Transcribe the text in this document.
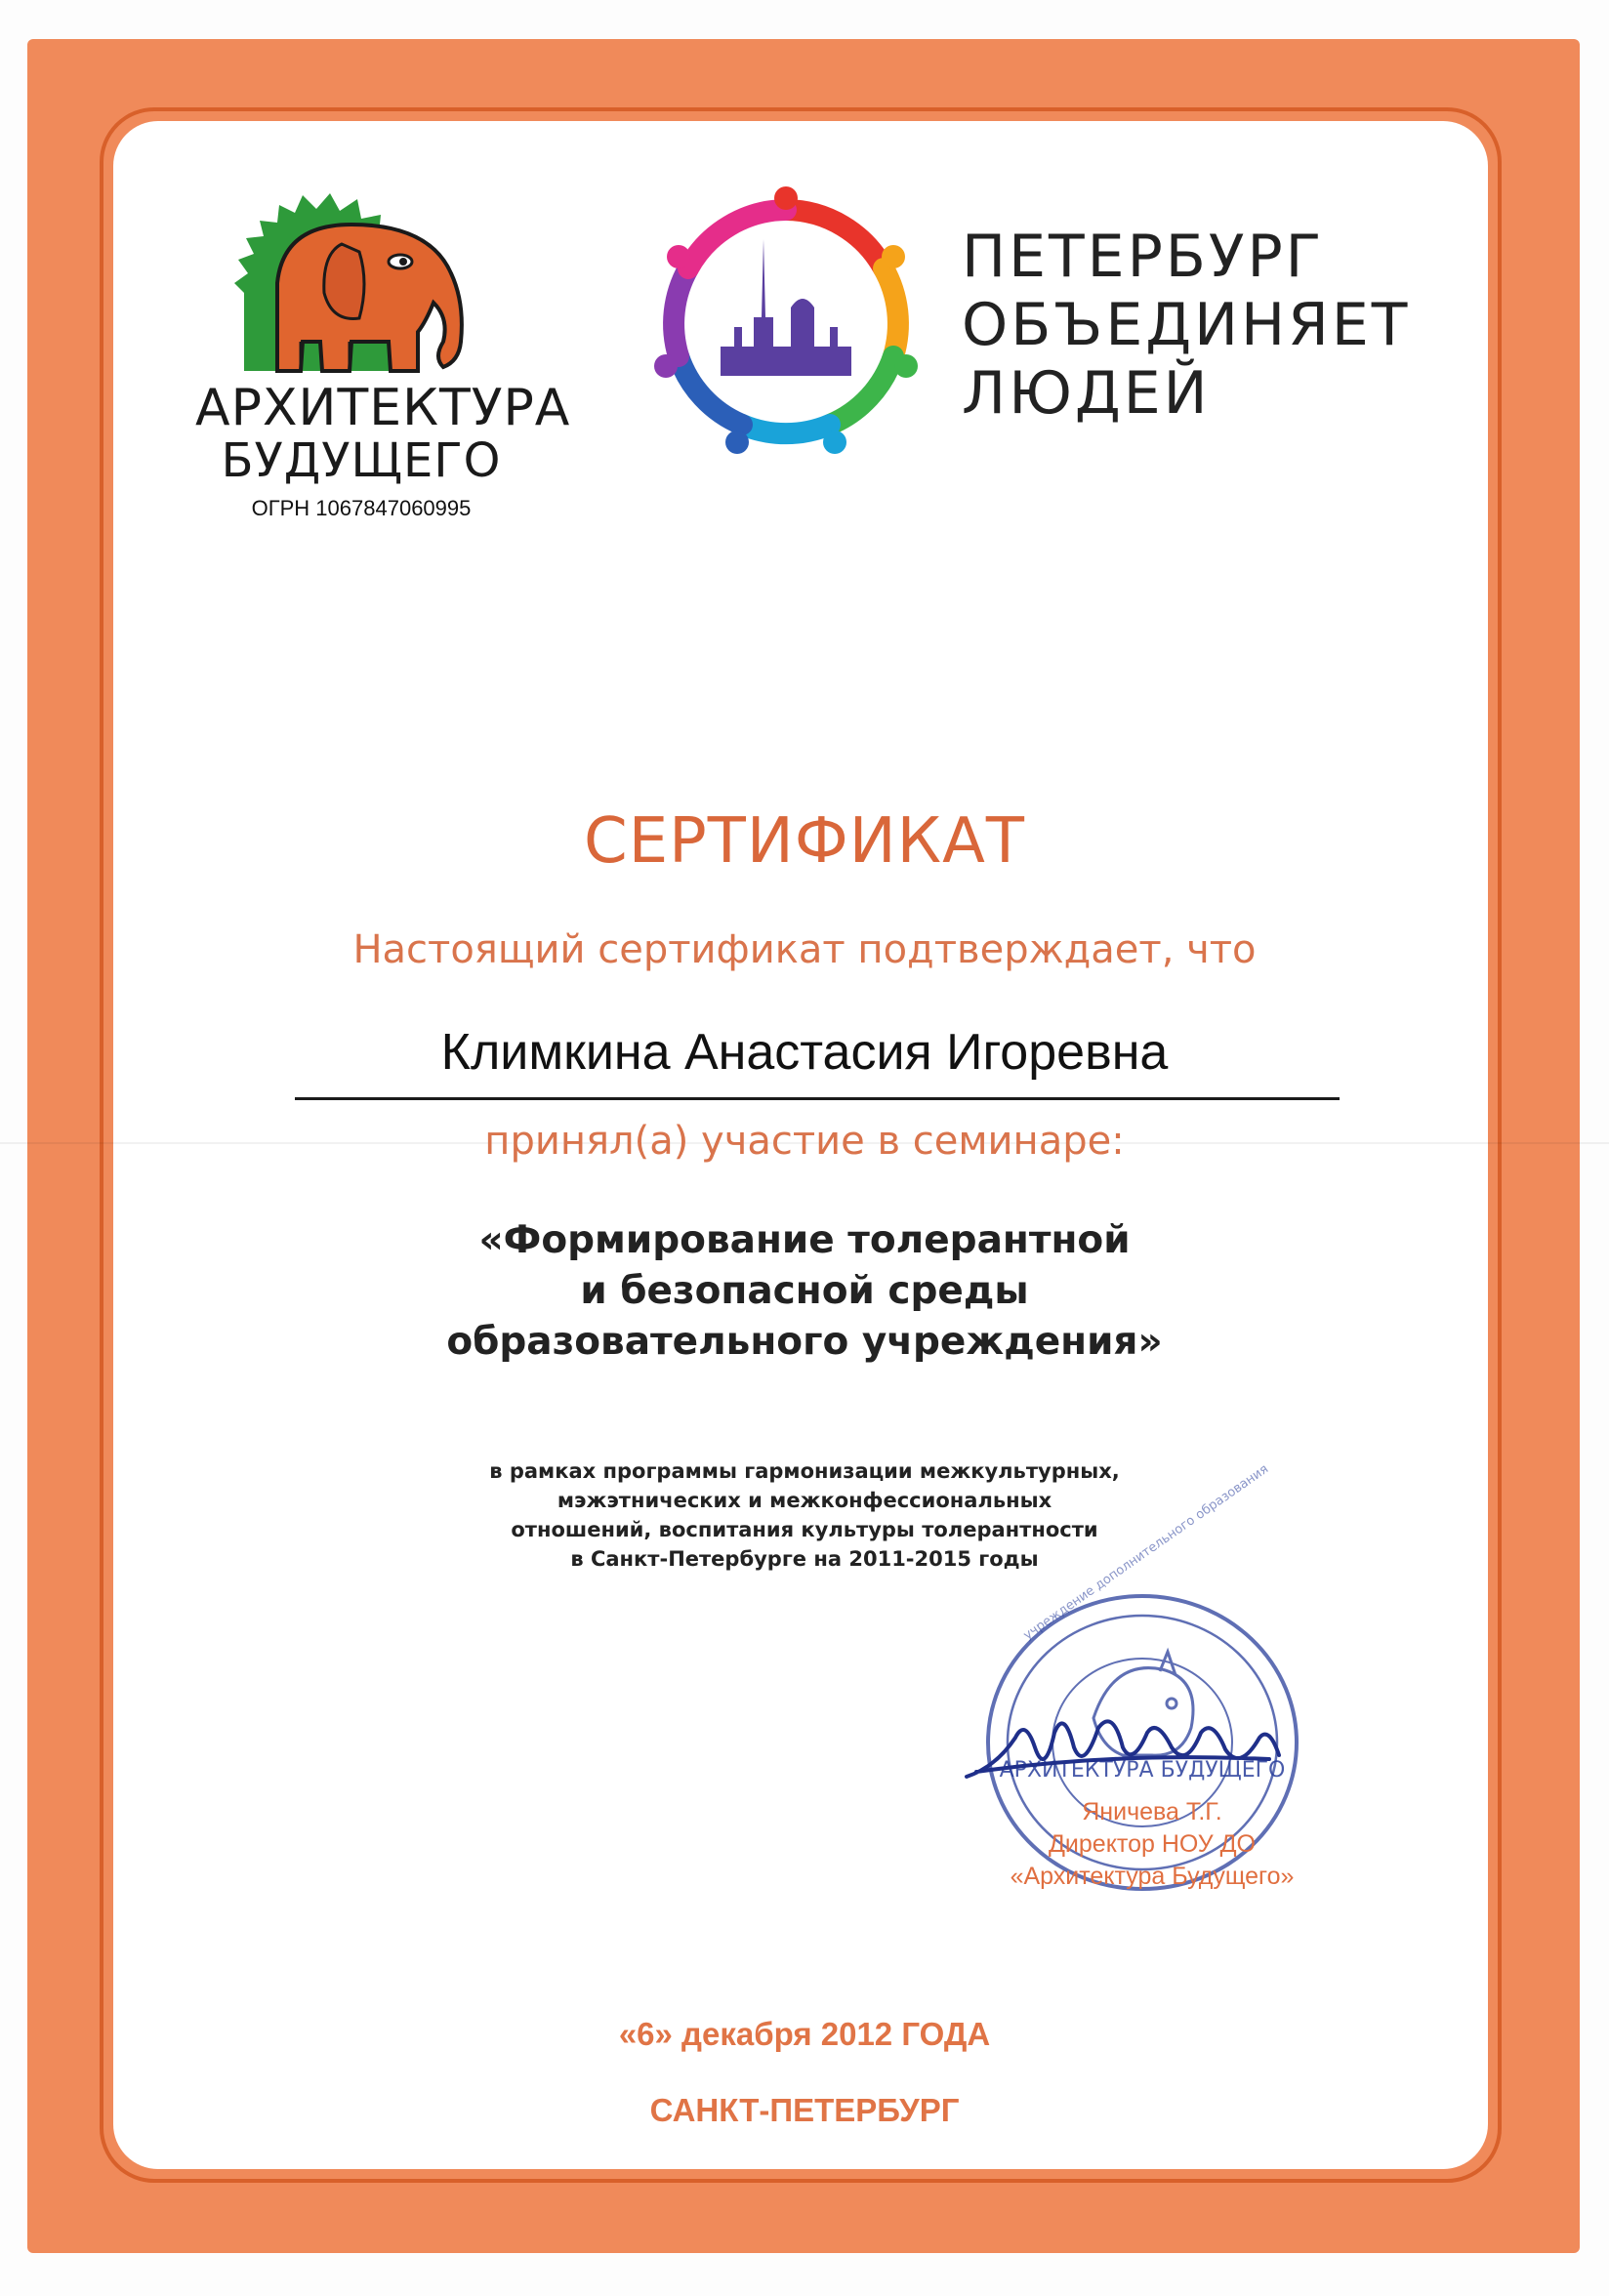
АРХИТЕКТУРА
БУДУЩЕГО
ОГРН 1067847060995
ПЕТЕРБУРГ
ОБЪЕДИНЯЕТ
ЛЮДЕЙ
СЕРТИФИКАТ
Настоящий сертификат подтверждает, что
Климкина Анастасия Игоревна
принял(а) участие в семинаре:
«Формирование толерантной
и безопасной среды
образовательного учреждения»
в рамках программы гармонизации межкультурных,
мэжэтнических и межконфессиональных
отношений, воспитания культуры толерантности
в Санкт-Петербурге на 2011-2015 годы
учреждение дополнительного образования
АРХИТЕКТУРА БУДУЩЕГО
Яничева Т.Г.
Директор НОУ ДО
«Архитектура Будущего»
«6» декабря 2012 ГОДА
САНКТ-ПЕТЕРБУРГ
